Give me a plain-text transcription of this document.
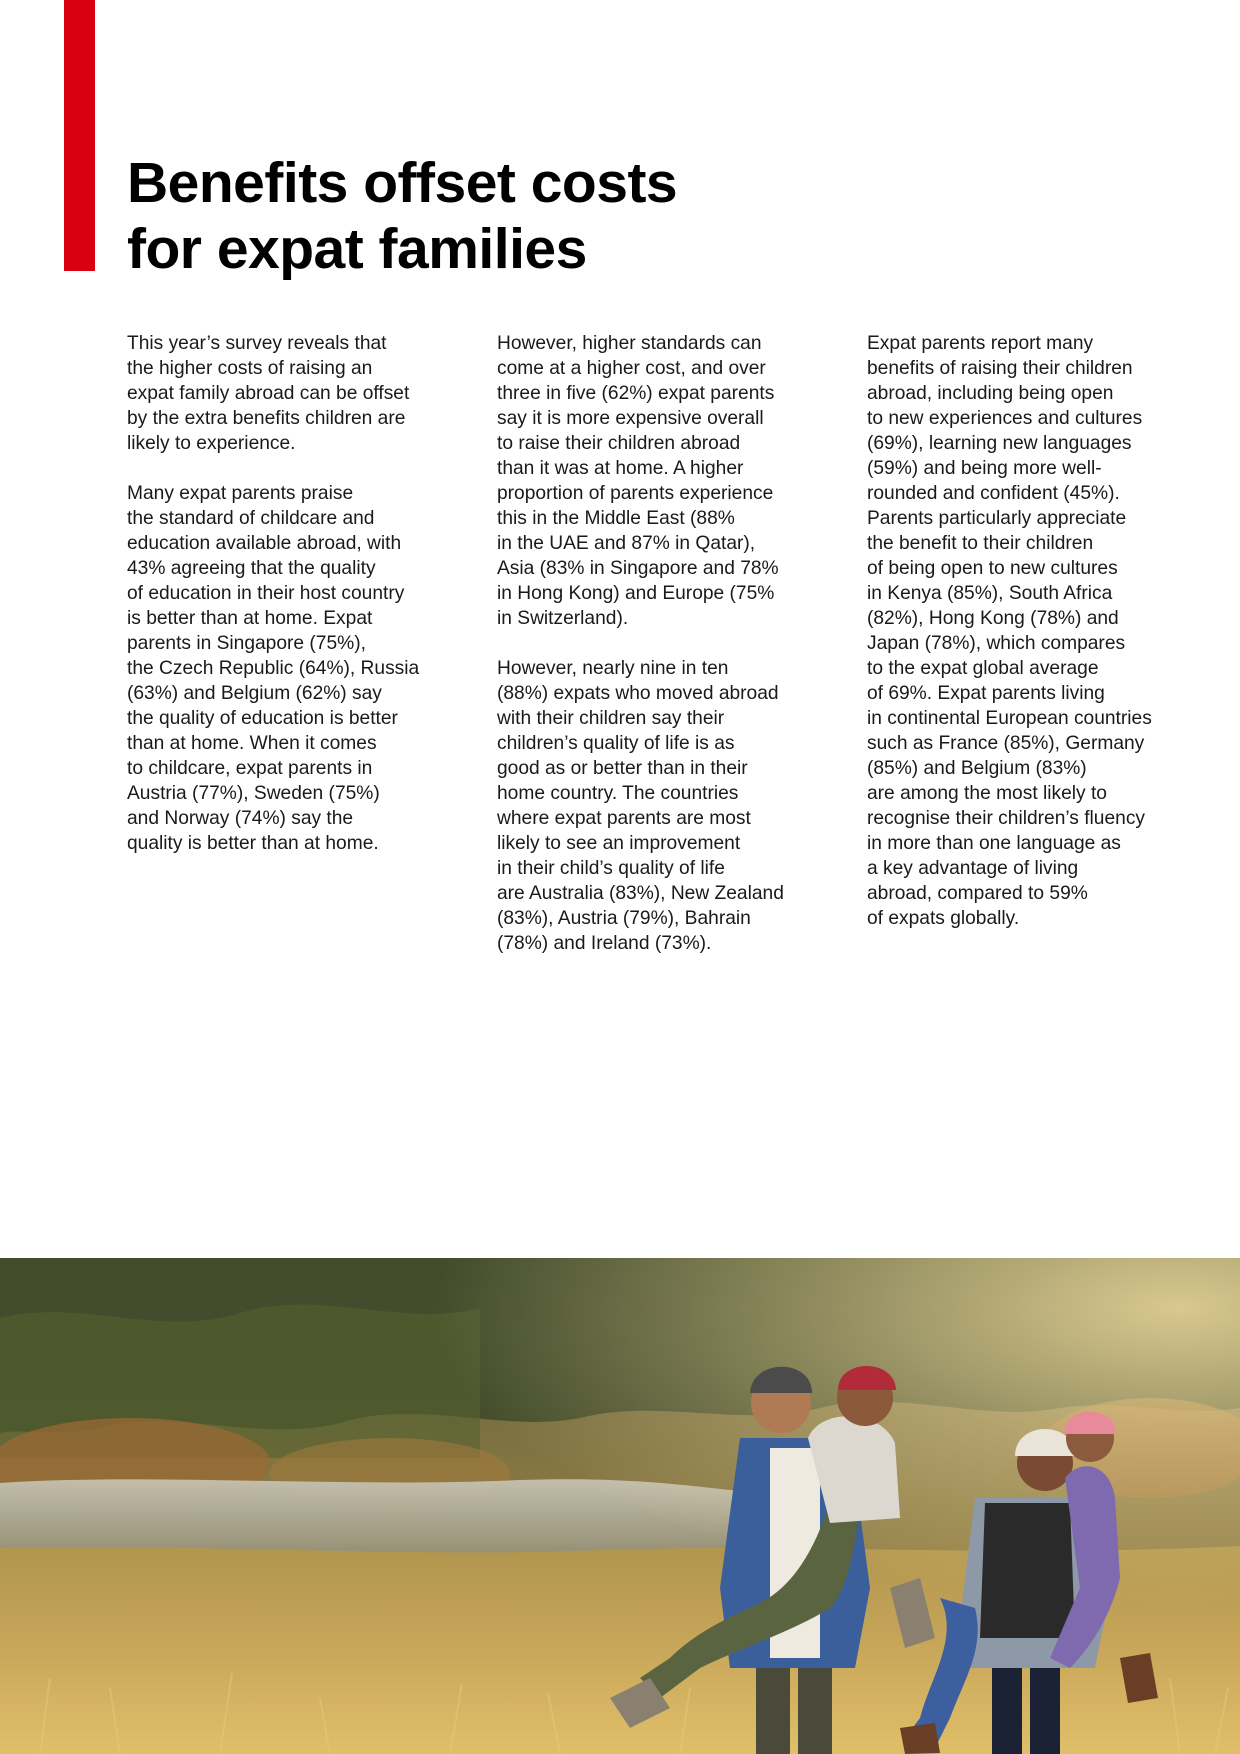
Benefits offset costs
for expat families

This year’s survey reveals that
the higher costs of raising an
expat family abroad can be offset
by the extra benefits children are
likely to experience.

Many expat parents praise
the standard of childcare and
education available abroad, with
43% agreeing that the quality
of education in their host country
is better than at home. Expat
parents in Singapore (75%),
the Czech Republic (64%), Russia
(63%) and Belgium (62%) say
the quality of education is better
than at home. When it comes
to childcare, expat parents in
Austria (77%), Sweden (75%)
and Norway (74%) say the
quality is better than at home.

However, higher standards can
come at a higher cost, and over
three in five (62%) expat parents
say it is more expensive overall
to raise their children abroad
than it was at home. A higher
proportion of parents experience
this in the Middle East (88%
in the UAE and 87% in Qatar),
Asia (83% in Singapore and 78%
in Hong Kong) and Europe (75%
in Switzerland).

However, nearly nine in ten
(88%) expats who moved abroad
with their children say their
children’s quality of life is as
good as or better than in their
home country. The countries
where expat parents are most
likely to see an improvement
in their child’s quality of life
are Australia (83%), New Zealand
(83%), Austria (79%), Bahrain
(78%) and Ireland (73%).

Expat parents report many
benefits of raising their children
abroad, including being open
to new experiences and cultures
(69%), learning new languages
(59%) and being more well-
rounded and confident (45%).
Parents particularly appreciate
the benefit to their children
of being open to new cultures
in Kenya (85%), South Africa
(82%), Hong Kong (78%) and
Japan (78%), which compares
to the expat global average
of 69%. Expat parents living
in continental European countries
such as France (85%), Germany
(85%) and Belgium (83%)
are among the most likely to
recognise their children’s fluency
in more than one language as
a key advantage of living
abroad, compared to 59%
of expats globally.
